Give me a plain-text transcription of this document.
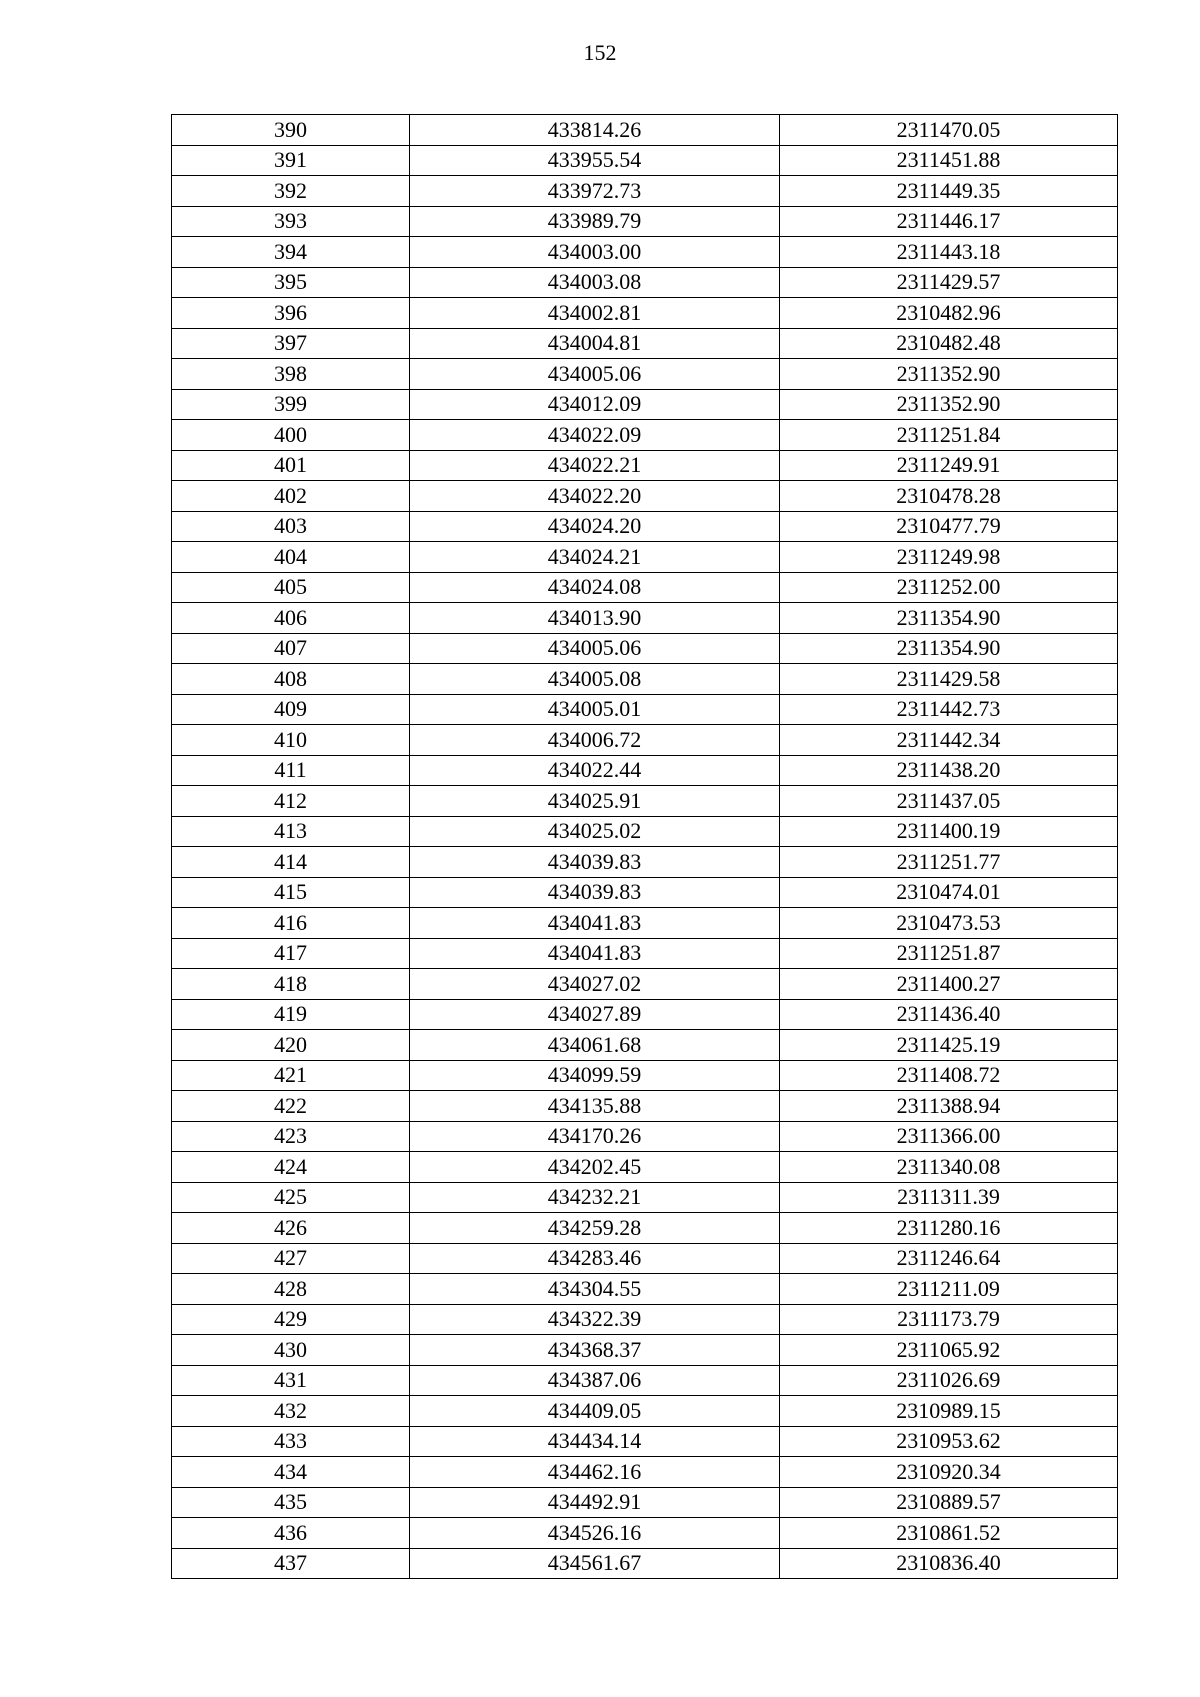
152
390	433814.26	2311470.05
391	433955.54	2311451.88
392	433972.73	2311449.35
393	433989.79	2311446.17
394	434003.00	2311443.18
395	434003.08	2311429.57
396	434002.81	2310482.96
397	434004.81	2310482.48
398	434005.06	2311352.90
399	434012.09	2311352.90
400	434022.09	2311251.84
401	434022.21	2311249.91
402	434022.20	2310478.28
403	434024.20	2310477.79
404	434024.21	2311249.98
405	434024.08	2311252.00
406	434013.90	2311354.90
407	434005.06	2311354.90
408	434005.08	2311429.58
409	434005.01	2311442.73
410	434006.72	2311442.34
411	434022.44	2311438.20
412	434025.91	2311437.05
413	434025.02	2311400.19
414	434039.83	2311251.77
415	434039.83	2310474.01
416	434041.83	2310473.53
417	434041.83	2311251.87
418	434027.02	2311400.27
419	434027.89	2311436.40
420	434061.68	2311425.19
421	434099.59	2311408.72
422	434135.88	2311388.94
423	434170.26	2311366.00
424	434202.45	2311340.08
425	434232.21	2311311.39
426	434259.28	2311280.16
427	434283.46	2311246.64
428	434304.55	2311211.09
429	434322.39	2311173.79
430	434368.37	2311065.92
431	434387.06	2311026.69
432	434409.05	2310989.15
433	434434.14	2310953.62
434	434462.16	2310920.34
435	434492.91	2310889.57
436	434526.16	2310861.52
437	434561.67	2310836.40
